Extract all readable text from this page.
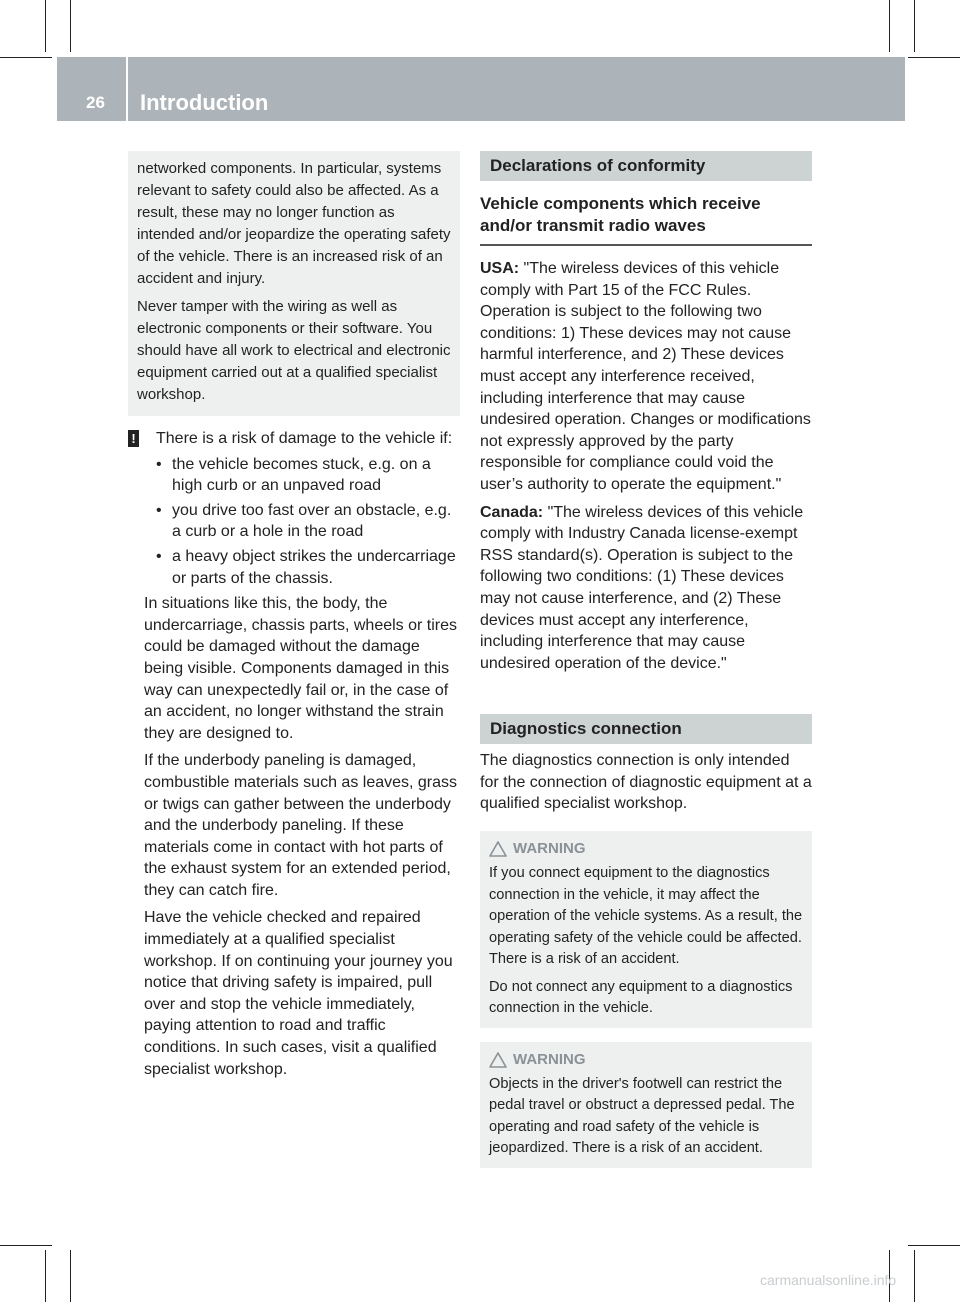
26 Introduction

networked components. In particular, systems relevant to safety could also be affected. As a result, these may no longer function as intended and/or jeopardize the operating safety of the vehicle. There is an increased risk of an accident and injury.

Never tamper with the wiring as well as electronic components or their software. You should have all work to electrical and electronic equipment carried out at a qualified specialist workshop.

! There is a risk of damage to the vehicle if:

• the vehicle becomes stuck, e.g. on a high curb or an unpaved road
• you drive too fast over an obstacle, e.g. a curb or a hole in the road
• a heavy object strikes the undercarriage or parts of the chassis.

In situations like this, the body, the undercarriage, chassis parts, wheels or tires could be damaged without the damage being visible. Components damaged in this way can unexpectedly fail or, in the case of an accident, no longer withstand the strain they are designed to.

If the underbody paneling is damaged, combustible materials such as leaves, grass or twigs can gather between the underbody and the underbody paneling. If these materials come in contact with hot parts of the exhaust system for an extended period, they can catch fire.

Have the vehicle checked and repaired immediately at a qualified specialist workshop. If on continuing your journey you notice that driving safety is impaired, pull over and stop the vehicle immediately, paying attention to road and traffic conditions. In such cases, visit a qualified specialist workshop.

Declarations of conformity
Vehicle components which receive and/or transmit radio waves

USA: "The wireless devices of this vehicle comply with Part 15 of the FCC Rules. Operation is subject to the following two conditions: 1) These devices may not cause harmful interference, and 2) These devices must accept any interference received, including interference that may cause undesired operation. Changes or modifications not expressly approved by the party responsible for compliance could void the user’s authority to operate the equipment."

Canada: "The wireless devices of this vehicle comply with Industry Canada license-exempt RSS standard(s). Operation is subject to the following two conditions: (1) These devices may not cause interference, and (2) These devices must accept any interference, including interference that may cause undesired operation of the device."

Diagnostics connection

The diagnostics connection is only intended for the connection of diagnostic equipment at a qualified specialist workshop.

WARNING

If you connect equipment to the diagnostics connection in the vehicle, it may affect the operation of the vehicle systems. As a result, the operating safety of the vehicle could be affected. There is a risk of an accident.

Do not connect any equipment to a diagnostics connection in the vehicle.

WARNING

Objects in the driver's footwell can restrict the pedal travel or obstruct a depressed pedal. The operating and road safety of the vehicle is jeopardized. There is a risk of an accident.

carmanualsonline.info
